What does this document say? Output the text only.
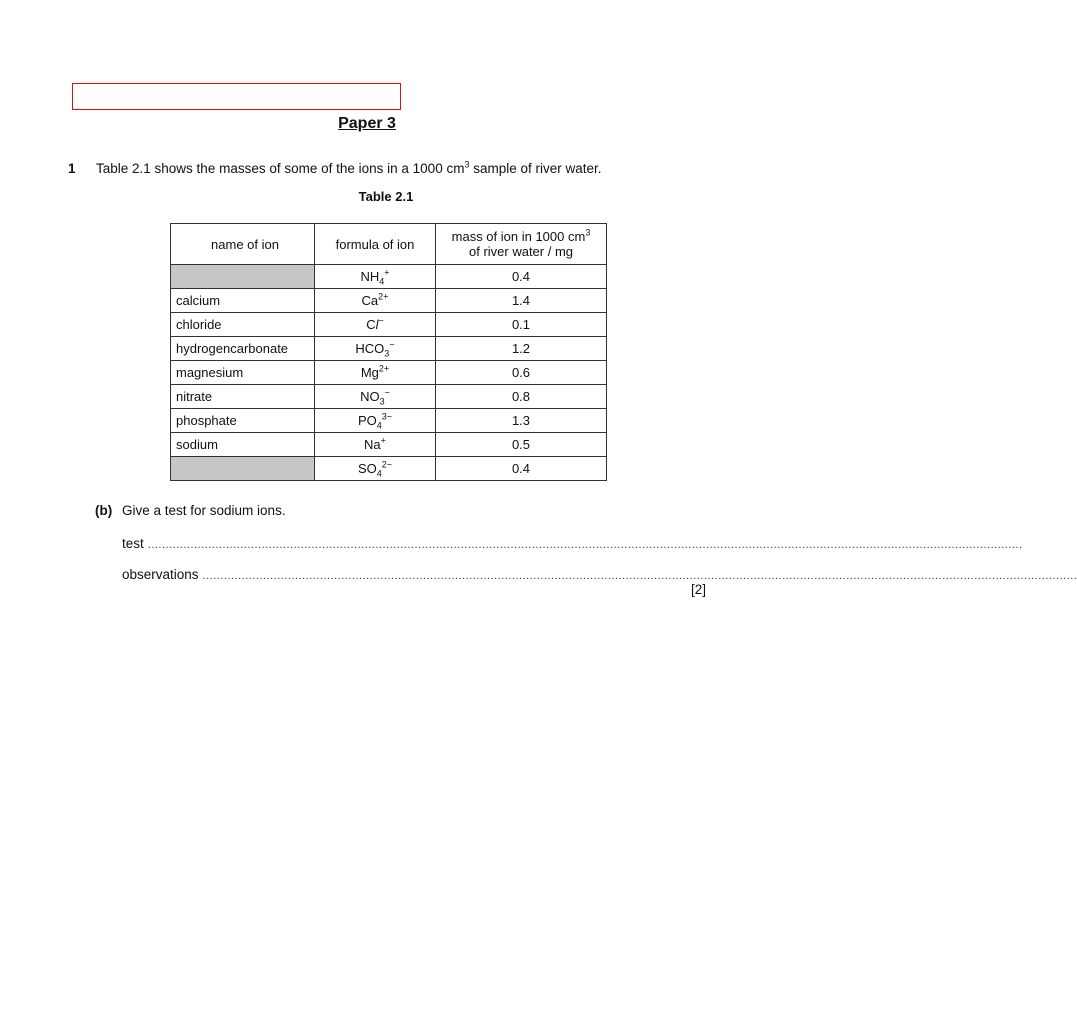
Paper 3
1 Table 2.1 shows the masses of some of the ions in a 1000 $cm^3$ sample of river water.
Table 2.1
name of ion	formula of ion	mass of ion in 1000 $cm^3$
of river water / mg
	$NH_4^+$	0.4
calcium	$Ca^{2+}$	1.4
chloride	Cl−	0.1
hydrogencarbonate	$HCO_3^-$	1.2
magnesium	$Mg^{2+}$	0.6
nitrate	$NO_3^-$	0.8
phosphate	$PO_4^{3-}$	1.3
sodium	Na+	0.5
	$SO_4^{2-}$	0.4
(b) Give a test for sodium ions.
test ......................................................................................................................................................................................................................................................
observations ......................................................................................................................................................................................................................................................
[2]
